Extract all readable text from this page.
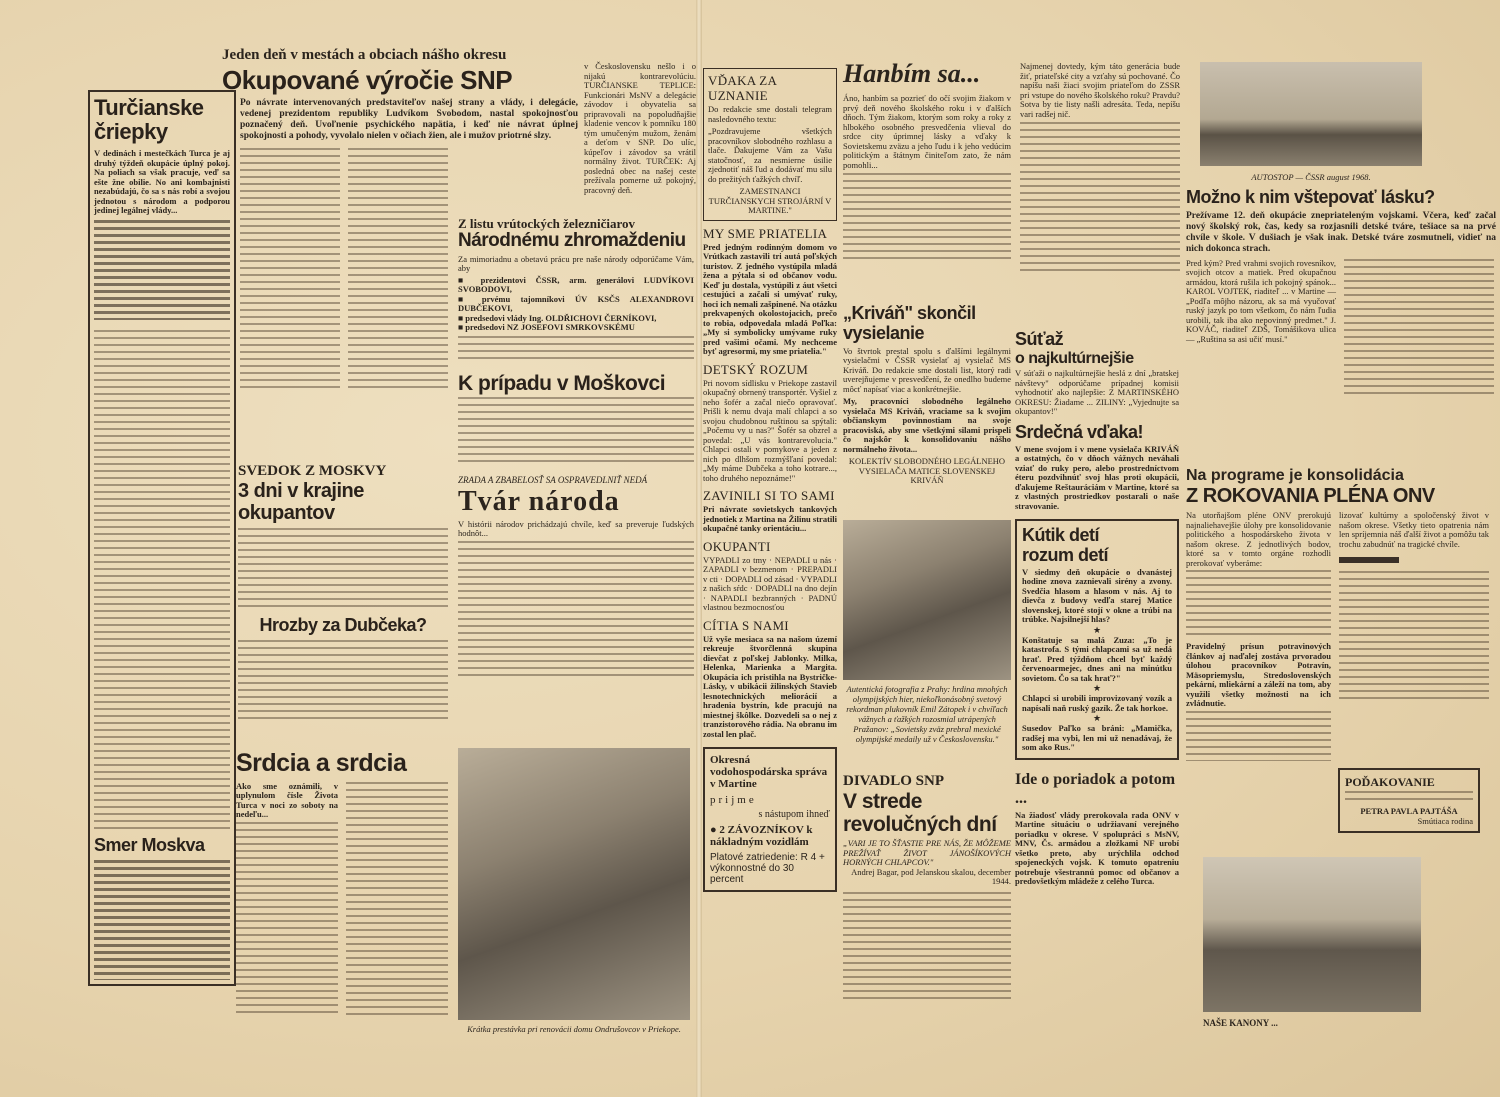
Turčianske čriepky

V dedinách i mestečkách Turca je aj druhý týždeň okupácie úplný pokoj. Na poliach sa však pracuje, veď sa ešte žne obilie. No ani kombajnisti nezabúdajú, čo sa s nás robí a svojou jednotou s národom a podporou jedinej legálnej vlády...

Smer Moskva
Jeden deň v mestách a obciach nášho okresu
Okupované výročie SNP

Po návrate intervenovaných predstaviteľov našej strany a vlády, i delegácie, vedenej prezidentom republiky Ludvíkom Svobodom, nastal spokojnosťou poznačený deň. Uvoľnenie psychického napätia, i keď nie návrat úplnej spokojnosti a pohody, vyvolalo nielen v očiach žien, ale i mužov priotrné slzy.

v Československu nešlo i o nijakú kontrarevolúciu. TURČIANSKE TEPLICE: Funkcionári MsNV a delegácie závodov i obyvatelia sa pripravovali na popoludňajšie kladenie vencov k pomníku 180 tým umučeným mužom, ženám a deťom v SNP. Do ulíc, kúpeľov i závodov sa vrátil normálny život. TURČEK: Aj posledná obec na našej ceste prežívala pomerne už pokojný, pracovný deň.

Z listu vrútockých železničiarov
Národnému zhromaždeniu

Za mimoriadnu a obetavú prácu pre naše národy odporúčame Vám, aby

■ prezidentovi ČSSR, arm. generálovi LUDVÍKOVI SVOBODOVI,

■ prvému tajomníkovi ÚV KSČS ALEXANDROVI DUBČEKOVI,

■ predsedovi vlády Ing. OLDŘICHOVI ČERNÍKOVI,

■ predsedovi NZ JOSEFOVI SMRKOVSKÉMU

K prípadu v Moškovci
ZRADA A ZBABELOSŤ SA OSPRAVEDLNIŤ NEDÁ
Tvár národa

V histórii národov prichádzajú chvíle, keď sa preveruje ľudských hodnôt...

SVEDOK Z MOSKVY
3 dni v krajine okupantov
Hrozby za Dubčeka?
Srdcia a srdcia

Ako sme oznámili, v uplynulom čísle Života Turca v noci zo soboty na nedeľu...

Krátka prestávka pri renovácii domu Ondrušovcov v Priekope.
VĎAKA ZA UZNANIE

Do redakcie sme dostali telegram nasledovného textu:

„Pozdravujeme všetkých pracovníkov slobodného rozhlasu a tlače. Ďakujeme Vám za Vašu statočnosť, za nesmierne úsilie zjednotiť náš ľud a dodávať mu silu do prežitých ťažkých chvíľ.

ZAMESTNANCI TURČIANSKYCH STROJÁRNÍ V MARTINE."

MY SME PRIATELIA

Pred jedným rodinným domom vo Vrútkach zastavili tri autá poľských turistov. Z jedného vystúpila mladá žena a pýtala si od občanov vodu. Keď ju dostala, vystúpili z áut všetci cestujúci a začali si umývať ruky, hoci ich nemali zašpinené. Na otázku prekvapených okolostojacich, prečo to robia, odpovedala mladá Poľka: „My si symbolicky umývame ruky pred vašimi očami. My nechceme byť agresormi, my sme priatelia."

DETSKÝ ROZUM

Pri novom sídlisku v Priekope zastavil okupačný obrnený transportér. Vyšiel z neho šofér a začal niečo opravovať. Prišli k nemu dvaja malí chlapci a so svojou chudobnou ruštinou sa spýtali: „Počemu vy u nas?" Šofér sa obzrel a povedal: „U vás kontrarevolucia." Chlapci ostali v pomykove a jeden z nich po dlhšom rozmýšľaní povedal: „My máme Dubčeka a toho kotrare..., toho druhého nepoznáme!"

ZAVINILI SI TO SAMI

Pri návrate sovietskych tankových jednotiek z Martina na Žilinu stratili okupačné tanky orientáciu...

OKUPANTI

VYPADLI zo tmy · NEPADLI u nás · ZAPADLI v bezmenom · PREPADLI v cti · DOPADLI od zásad · VYPADLI z našich sŕdc · DOPADLI na dno dejín · NAPADLI bezbranných · PADNÚ vlastnou bezmocnosťou

CÍTIA S NAMI

Už vyše mesiaca sa na našom území rekreuje štvorčlenná skupina dievčat z poľskej Jablonky. Milka, Helenka, Marienka a Margita. Okupácia ich pristihla na Bystričke-Lásky, v ubikácii žilinských Stavieb lesnotechnických meliorácií a hradenia bystrín, kde pracujú na miestnej škôlke. Dozvedeli sa o nej z tranzistorového rádia. Na obranu im zostal len plač.

Okresná vodohospodárska správa v Martine
prijme
s nástupom ihneď
● 2 ZÁVOZNÍKOV k nákladným vozidlám
Platové zatriedenie: R 4 + výkonnostné do 30 percent
Hanbím sa...

Áno, hanbím sa pozrieť do očí svojim žiakom v prvý deň nového školského roku i v ďalších dňoch. Tým žiakom, ktorým som roky a roky z hlbokého osobného presvedčenia vlieval do srdce city úprimnej lásky a vďaky k Sovietskemu zväzu a jeho ľudu i k jeho vedúcim politickým a štátnym činiteľom zato, že nám pomohli...

Najmenej dovtedy, kým táto generácia bude žiť, priateľské city a vzťahy sú pochované. Čo napíšu naši žiaci svojim priateľom do ZSSR pri vstupe do nového školského roku? Pravdu? Sotva by tie listy našli adresáta. Teda, nepíšu vari radšej nič.

AUTOSTOP — ČSSR august 1968.
Možno k nim vštepovať lásku?

Prežívame 12. deň okupácie znepriateleným vojskami. Včera, keď začal nový školský rok, čas, kedy sa rozjasnili detské tváre, tešiace sa na prvé chvíle v škole. V dušiach je však inak. Detské tváre zosmutneli, vidieť na nich dokonca strach.

Pred kým? Pred vrahmi svojich rovesníkov, svojich otcov a matiek. Pred okupačnou armádou, ktorá rušila ich pokojný spánok... KAROL VOJTEK, riaditeľ ... v Martine — „Podľa môjho názoru, ak sa má vyučovať ruský jazyk po tom všetkom, čo nám ľudia urobili, tak iba ako nepovinný predmet." J. KOVÁČ, riaditeľ ZDŠ, Tomášikova ulica — „Ruština sa asi učiť musí."

„Kriváň" skončil vysielanie

Vo štvrtok prestal spolu s ďalšími legálnymi vysielačmi v ČSSR vysielať aj vysielač MS Kriváň. Do redakcie sme dostali list, ktorý radi uverejňujeme v presvedčení, že onedlho budeme môcť napísať viac a konkrétnejšie.

My, pracovníci slobodného legálneho vysielača MS Kriváň, vraciame sa k svojim občianskym povinnostiam na svoje pracoviská, aby sme všetkými silami prispeli čo najskôr k konsolidovaniu nášho normálneho života...

KOLEKTÍV SLOBODNÉHO LEGÁLNEHO VYSIELAČA MATICE SLOVENSKEJ KRIVÁŇ

Autentická fotografia z Prahy: hrdina mnohých olympijských hier, niekoľkonásobný svetový rekordman plukovník Emil Zátopek i v chvíľach vážnych a ťažkých rozosmial utrápených Pražanov: „Sovietsky zväz prebral mexické olympijské medaily už v Československu."
DIVADLO SNP
V strede revolučných dní

„VARI JE TO ŠŤASTIE PRE NÁS, ŽE MÔŽEME PREŽÍVAŤ ŽIVOT JÁNOŠÍKOVÝCH HORNÝCH CHLAPCOV."

Andrej Bagar, pod Jelanskou skalou, december 1944.

Súťaž
o najkultúrnejšie

V súťaži o najkultúrnejšie heslá z dní „bratskej návštevy" odporúčame prípadnej komisii vyhodnotiť ako najlepšie: Z MARTINSKÉHO OKRESU: Žiadame ... ZILINY: „Vyjednujte sa okupantov!"

Srdečná vďaka!

V mene svojom i v mene vysielača KRIVÁŇ a ostatných, čo v dňoch vážnych neváhali vziať do ruky pero, alebo prostredníctvom éteru pozdvihnúť svoj hlas proti okupácii, ďakujeme Reštauráciám v Martine, ktoré sa z vlastných prostriedkov postarali o naše stravovanie.

Kútik detí
rozum detí

V siedmy deň okupácie o dvanástej hodine znova zaznievali sirény a zvony. Svedčia hlasom a hlasom v nás. Aj to dievča z budovy vedľa starej Matice slovenskej, ktoré stojí v okne a trúbi na trúbke. Najsilnejší hlas?

★

Konštatuje sa malá Zuza: „To je katastrofa. S tými chlapcami sa už nedá hrať. Pred týždňom chcel byť každý červenoarmejec, dnes ani na minútku sovietom. Čo sa tak hrať?"

★

Chlapci si urobili improvizovaný vozík a napísali naň ruský gazík. Že tak horkoe.

★

Susedov Paľko sa bráni: „Mamička, radšej ma vybi, len mi už nenadávaj, že som ako Rus."

Ide o poriadok a potom ...

Na žiadosť vlády prerokovala rada ONV v Martine situáciu o udržiavaní verejného poriadku v okrese. V spolupráci s MsNV, MNV, Čs. armádou a zložkami NF urobí všetko preto, aby urýchlila odchod spojeneckých vojsk. K tomuto opatreniu potrebuje všestrannú pomoc od občanov a predovšetkým mládeže z celého Turca.

Na programe je konsolidácia
Z ROKOVANIA PLÉNA ONV

Na utorňajšom pléne ONV prerokujú najnaliehavejšie úlohy pre konsolidovanie politického a hospodárskeho života v našom okrese. Z jednotlivých bodov, ktoré sa v tomto orgáne rozhodli prerokovať vyberáme:

Pravidelný prísun potravinových článkov aj naďalej zostáva prvoradou úlohou pracovníkov Potravín, Mäsopriemyslu, Stredoslovenských pekární, mliekární a záleží na tom, aby využili všetky možnosti na ich zvládnutie.

lizovať kultúrny a spoločenský život v našom okrese. Všetky tieto opatrenia nám len spríjemnia náš ďalší život a pomôžu tak trochu zabudnúť na tragické chvíle.

POĎAKOVANIE

PETRA PAVLA PAJTÁŠA

Smútiaca rodina

NAŠE KANONY ...
